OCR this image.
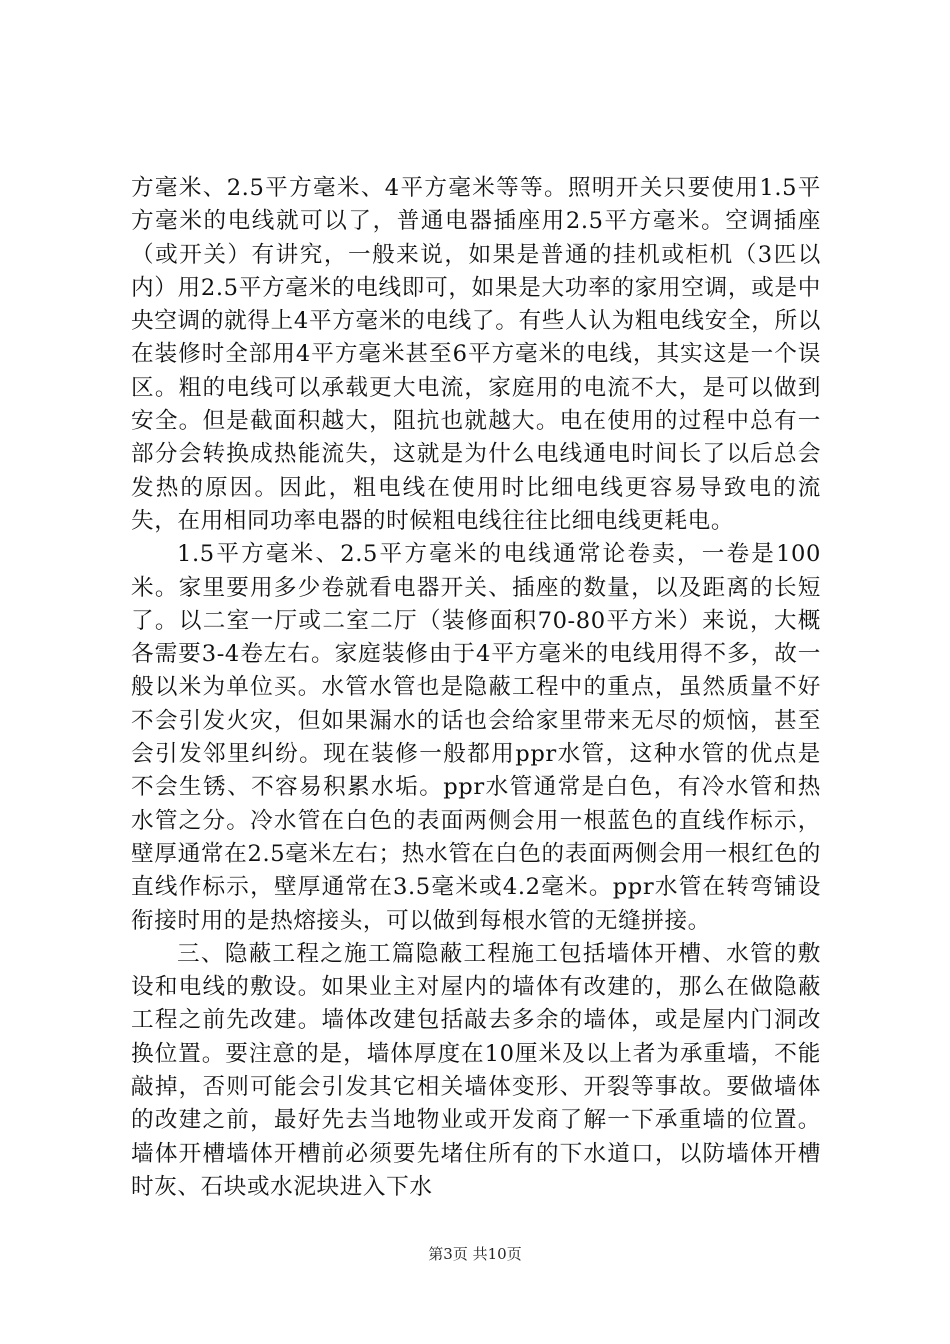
方毫米、2.5平方毫米、4平方毫米等等。照明开关只要使用1.5平方毫米的电线就可以了，普通电器插座用2.5平方毫米。空调插座（或开关）有讲究，一般来说，如果是普通的挂机或柜机（3匹以内）用2.5平方毫米的电线即可，如果是大功率的家用空调，或是中央空调的就得上4平方毫米的电线了。有些人认为粗电线安全，所以在装修时全部用4平方毫米甚至6平方毫米的电线，其实这是一个误区。粗的电线可以承载更大电流，家庭用的电流不大，是可以做到安全。但是截面积越大，阻抗也就越大。电在使用的过程中总有一部分会转换成热能流失，这就是为什么电线通电时间长了以后总会发热的原因。因此，粗电线在使用时比细电线更容易导致电的流失，在用相同功率电器的时候粗电线往往比细电线更耗电。

1.5平方毫米、2.5平方毫米的电线通常论卷卖，一卷是100米。家里要用多少卷就看电器开关、插座的数量，以及距离的长短了。以二室一厅或二室二厅（装修面积70-80平方米）来说，大概各需要3-4卷左右。家庭装修由于4平方毫米的电线用得不多，故一般以米为单位买。水管水管也是隐蔽工程中的重点，虽然质量不好不会引发火灾，但如果漏水的话也会给家里带来无尽的烦恼，甚至会引发邻里纠纷。现在装修一般都用ppr水管，这种水管的优点是不会生锈、不容易积累水垢。ppr水管通常是白色，有冷水管和热水管之分。冷水管在白色的表面两侧会用一根蓝色的直线作标示，壁厚通常在2.5毫米左右；热水管在白色的表面两侧会用一根红色的直线作标示，壁厚通常在3.5毫米或4.2毫米。ppr水管在转弯铺设衔接时用的是热熔接头，可以做到每根水管的无缝拼接。

三、隐蔽工程之施工篇隐蔽工程施工包括墙体开槽、水管的敷设和电线的敷设。如果业主对屋内的墙体有改建的，那么在做隐蔽工程之前先改建。墙体改建包括敲去多余的墙体，或是屋内门洞改换位置。要注意的是，墙体厚度在10厘米及以上者为承重墙，不能敲掉，否则可能会引发其它相关墙体变形、开裂等事故。要做墙体的改建之前，最好先去当地物业或开发商了解一下承重墙的位置。墙体开槽墙体开槽前必须要先堵住所有的下水道口，以防墙体开槽时灰、石块或水泥块进入下水

第3页 共10页
